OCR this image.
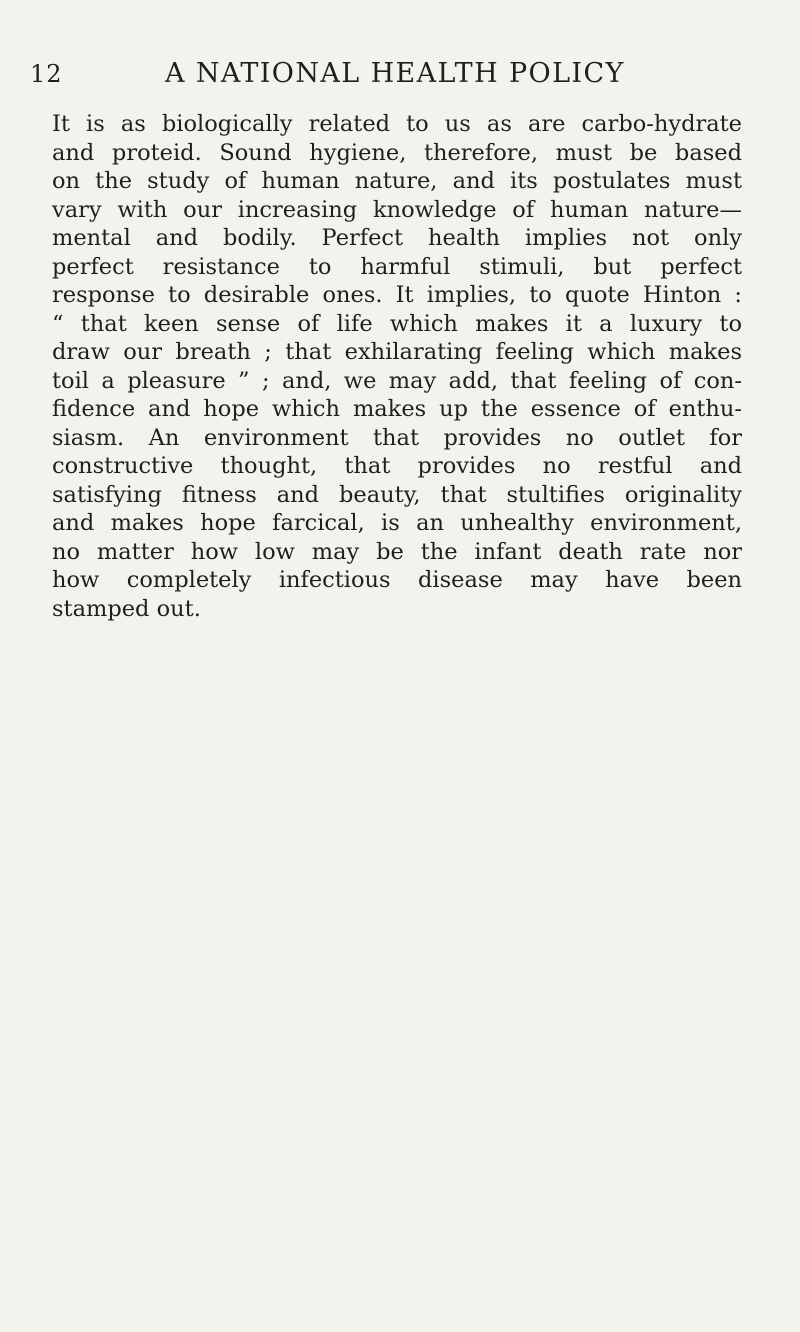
12	A NATIONAL HEALTH POLICY
It is as biologically related to us as are carbo-hydrate
and proteid. Sound hygiene, therefore, must be based
on the study of human nature, and its postulates must
vary with our increasing knowledge of human nature—
mental and bodily. Perfect health implies not only
perfect resistance to harmful stimuli, but perfect
response to desirable ones. It implies, to quote Hinton :
“ that keen sense of life which makes it a luxury to
draw our breath ; that exhilarating feeling which makes
toil a pleasure ” ; and, we may add, that feeling of con-
fidence and hope which makes up the essence of enthu-
siasm. An environment that provides no outlet for
constructive thought, that provides no restful and
satisfying fitness and beauty, that stultifies originality
and makes hope farcical, is an unhealthy environment,
no matter how low may be the infant death rate nor
how completely infectious disease may have been
stamped out.
